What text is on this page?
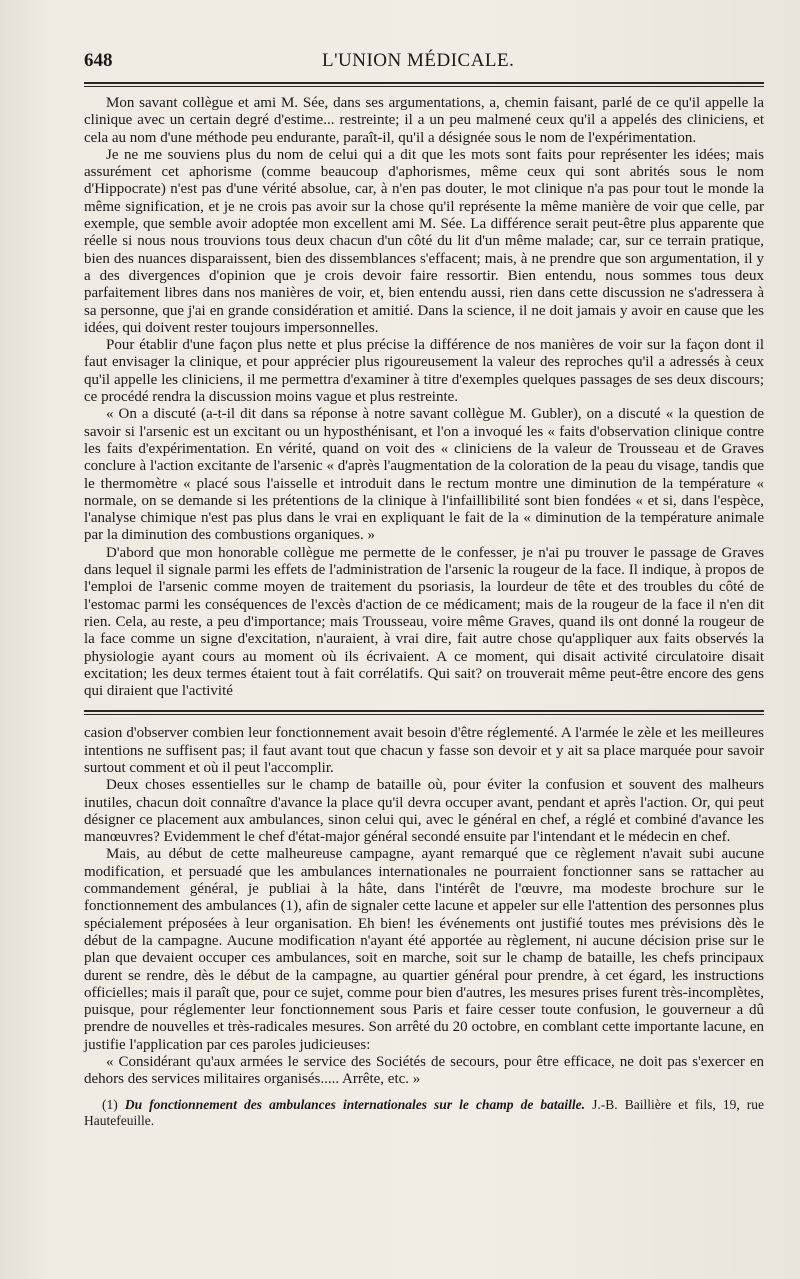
648	L'UNION MÉDICALE.

Mon savant collègue et ami M. Sée, dans ses argumentations, a, chemin faisant, parlé de ce qu'il appelle la clinique avec un certain degré d'estime... restreinte; il a un peu malmené ceux qu'il a appelés des cliniciens, et cela au nom d'une méthode peu endurante, paraît-il, qu'il a désignée sous le nom de l'expérimentation.

Je ne me souviens plus du nom de celui qui a dit que les mots sont faits pour représenter les idées; mais assurément cet aphorisme (comme beaucoup d'aphorismes, même ceux qui sont abrités sous le nom d'Hippocrate) n'est pas d'une vérité absolue, car, à n'en pas douter, le mot clinique n'a pas pour tout le monde la même signification, et je ne crois pas avoir sur la chose qu'il représente la même manière de voir que celle, par exemple, que semble avoir adoptée mon excellent ami M. Sée. La différence serait peut-être plus apparente que réelle si nous nous trouvions tous deux chacun d'un côté du lit d'un même malade; car, sur ce terrain pratique, bien des nuances disparaissent, bien des dissemblances s'effacent; mais, à ne prendre que son argumentation, il y a des divergences d'opinion que je crois devoir faire ressortir. Bien entendu, nous sommes tous deux parfaitement libres dans nos manières de voir, et, bien entendu aussi, rien dans cette discussion ne s'adressera à sa personne, que j'ai en grande considération et amitié. Dans la science, il ne doit jamais y avoir en cause que les idées, qui doivent rester toujours impersonnelles.

Pour établir d'une façon plus nette et plus précise la différence de nos manières de voir sur la façon dont il faut envisager la clinique, et pour apprécier plus rigoureusement la valeur des reproches qu'il a adressés à ceux qu'il appelle les cliniciens, il me permettra d'examiner à titre d'exemples quelques passages de ses deux discours; ce procédé rendra la discussion moins vague et plus restreinte.

« On a discuté (a-t-il dit dans sa réponse à notre savant collègue M. Gubler), on a discuté « la question de savoir si l'arsenic est un excitant ou un hyposthénisant, et l'on a invoqué les « faits d'observation clinique contre les faits d'expérimentation. En vérité, quand on voit des « cliniciens de la valeur de Trousseau et de Graves conclure à l'action excitante de l'arsenic « d'après l'augmentation de la coloration de la peau du visage, tandis que le thermomètre « placé sous l'aisselle et introduit dans le rectum montre une diminution de la température « normale, on se demande si les prétentions de la clinique à l'infaillibilité sont bien fondées « et si, dans l'espèce, l'analyse chimique n'est pas plus dans le vrai en expliquant le fait de la « diminution de la température animale par la diminution des combustions organiques. »

D'abord que mon honorable collègue me permette de le confesser, je n'ai pu trouver le passage de Graves dans lequel il signale parmi les effets de l'administration de l'arsenic la rougeur de la face. Il indique, à propos de l'emploi de l'arsenic comme moyen de traitement du psoriasis, la lourdeur de tête et des troubles du côté de l'estomac parmi les conséquences de l'excès d'action de ce médicament; mais de la rougeur de la face il n'en dit rien. Cela, au reste, a peu d'importance; mais Trousseau, voire même Graves, quand ils ont donné la rougeur de la face comme un signe d'excitation, n'auraient, à vrai dire, fait autre chose qu'appliquer aux faits observés la physiologie ayant cours au moment où ils écrivaient. A ce moment, qui disait activité circulatoire disait excitation; les deux termes étaient tout à fait corrélatifs. Qui sait? on trouverait même peut-être encore des gens qui diraient que l'activité

casion d'observer combien leur fonctionnement avait besoin d'être réglementé. A l'armée le zèle et les meilleures intentions ne suffisent pas; il faut avant tout que chacun y fasse son devoir et y ait sa place marquée pour savoir surtout comment et où il peut l'accomplir.

Deux choses essentielles sur le champ de bataille où, pour éviter la confusion et souvent des malheurs inutiles, chacun doit connaître d'avance la place qu'il devra occuper avant, pendant et après l'action. Or, qui peut désigner ce placement aux ambulances, sinon celui qui, avec le général en chef, a réglé et combiné d'avance les manœuvres? Evidemment le chef d'état-major général secondé ensuite par l'intendant et le médecin en chef.

Mais, au début de cette malheureuse campagne, ayant remarqué que ce règlement n'avait subi aucune modification, et persuadé que les ambulances internationales ne pourraient fonctionner sans se rattacher au commandement général, je publiai à la hâte, dans l'intérêt de l'œuvre, ma modeste brochure sur le fonctionnement des ambulances (1), afin de signaler cette lacune et appeler sur elle l'attention des personnes plus spécialement préposées à leur organisation. Eh bien! les événements ont justifié toutes mes prévisions dès le début de la campagne. Aucune modification n'ayant été apportée au règlement, ni aucune décision prise sur le plan que devaient occuper ces ambulances, soit en marche, soit sur le champ de bataille, les chefs principaux durent se rendre, dès le début de la campagne, au quartier général pour prendre, à cet égard, les instructions officielles; mais il paraît que, pour ce sujet, comme pour bien d'autres, les mesures prises furent très-incomplètes, puisque, pour réglementer leur fonctionnement sous Paris et faire cesser toute confusion, le gouverneur a dû prendre de nouvelles et très-radicales mesures. Son arrêté du 20 octobre, en comblant cette importante lacune, en justifie l'application par ces paroles judicieuses:

« Considérant qu'aux armées le service des Sociétés de secours, pour être efficace, ne doit pas s'exercer en dehors des services militaires organisés..... Arrête, etc. »

(1) Du fonctionnement des ambulances internationales sur le champ de bataille. J.-B. Baillière et fils, 19, rue Hautefeuille.
